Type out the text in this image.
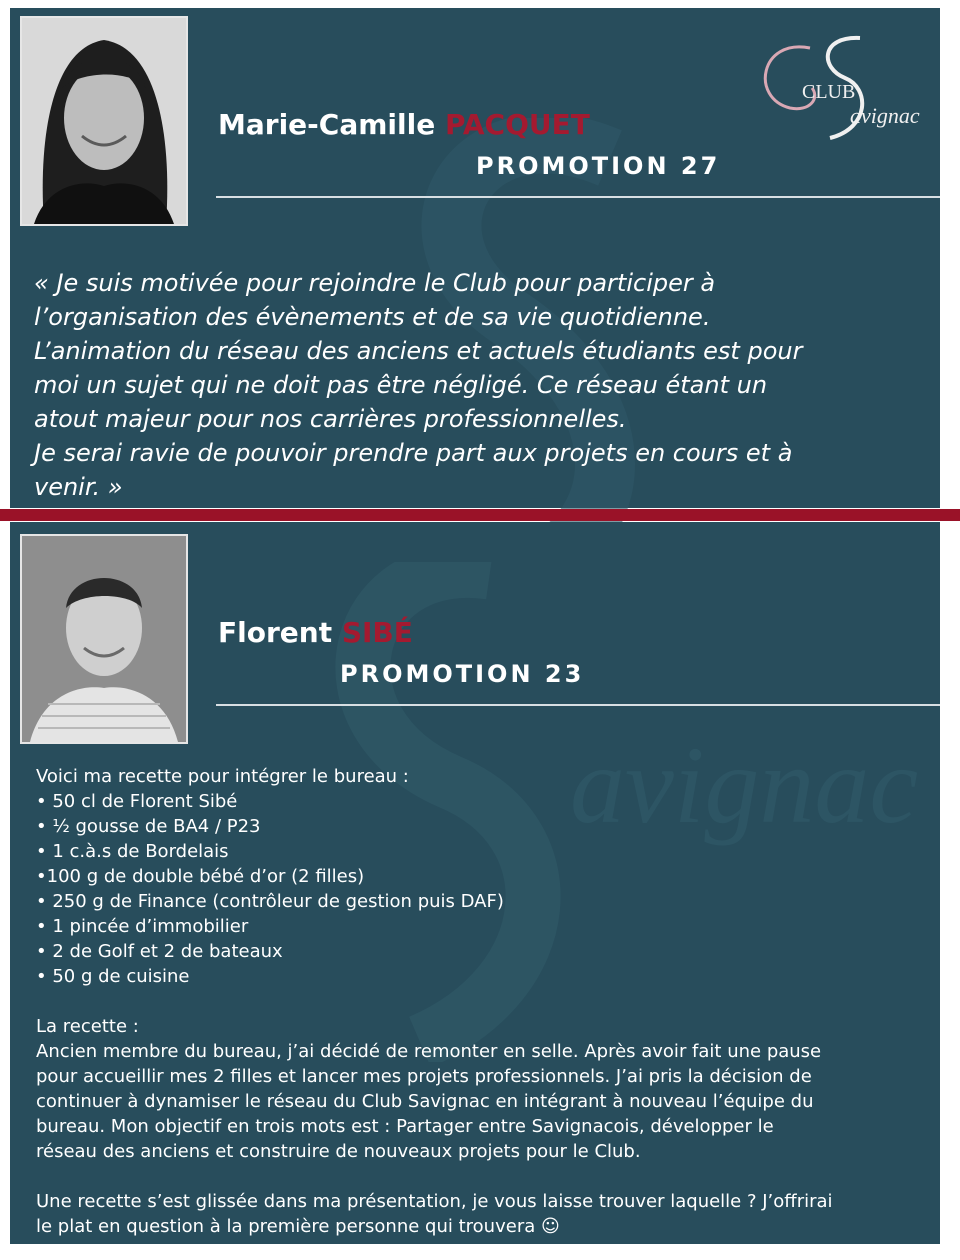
CLUB
avignac
Marie-Camille PACQUET
PROMOTION 27

« Je suis motivée pour rejoindre le Club pour participer à

l’organisation des évènements et de sa vie quotidienne.

L’animation du réseau des anciens et actuels étudiants est pour

moi un sujet qui ne doit pas être négligé. Ce réseau étant un

atout majeur pour nos carrières professionnelles.

Je serai ravie de pouvoir prendre part aux projets en cours et à

venir. »

avignac
Florent SIBÉ
PROMOTION 23

Voici ma recette pour intégrer le bureau :

• 50 cl de Florent Sibé

• ½ gousse de BA4 / P23

• 1 c.à.s de Bordelais

•100 g de double bébé d’or (2 filles)

• 250 g de Finance (contrôleur de gestion puis DAF)

• 1 pincée d’immobilier

• 2 de Golf et 2 de bateaux

• 50 g de cuisine

La recette :

Ancien membre du bureau, j’ai décidé de remonter en selle. Après avoir fait une pause

pour accueillir mes 2 filles et lancer mes projets professionnels. J’ai pris la décision de

continuer à dynamiser le réseau du Club Savignac en intégrant à nouveau l’équipe du

bureau. Mon objectif en trois mots est : Partager entre Savignacois, développer le

réseau des anciens et construire de nouveaux projets pour le Club.

Une recette s’est glissée dans ma présentation, je vous laisse trouver laquelle ? J’offrirai

le plat en question à la première personne qui trouvera ☺
